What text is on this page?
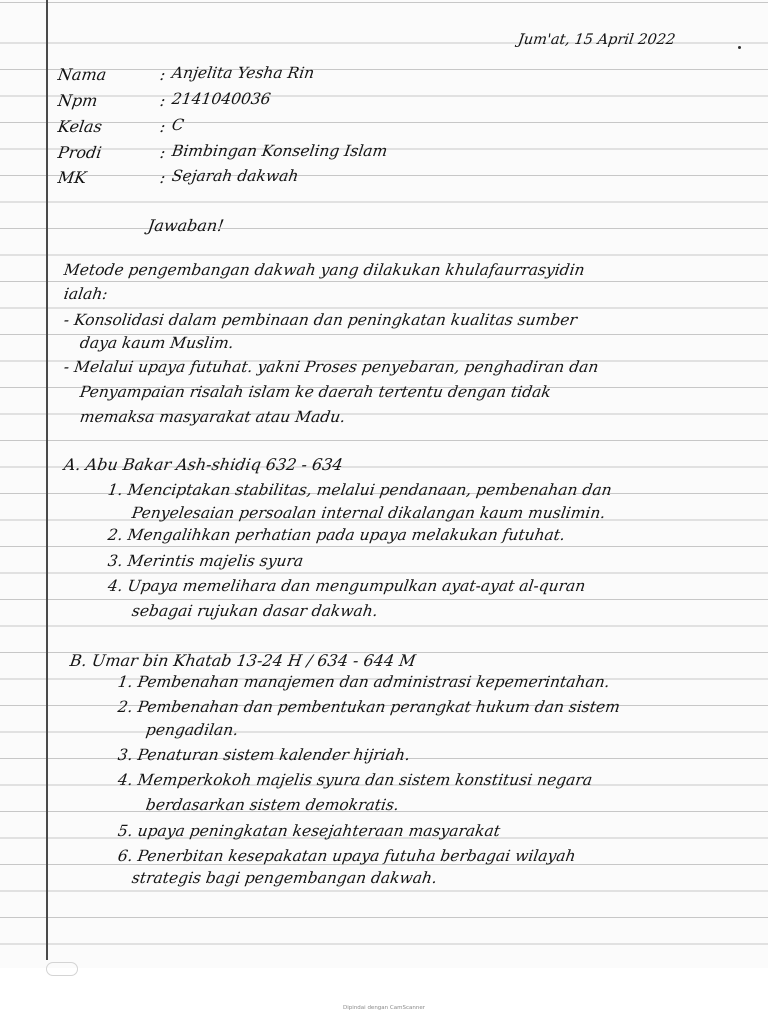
Jum'at, 15 April 2022
Nama	: Anjelita Yesha Rin
Npm	: 2141040036
Kelas	: C
Prodi	: Bimbingan Konseling Islam
MK	: Sejarah dakwah
Jawaban!
Metode pengembangan dakwah yang dilakukan khulafaurrasyidin
ialah:
- Konsolidasi dalam pembinaan dan peningkatan kualitas sumber
daya kaum Muslim.
- Melalui upaya futuhat. yakni Proses penyebaran, penghadiran dan
Penyampaian risalah islam ke daerah tertentu dengan tidak
memaksa masyarakat atau Madu.
A. Abu Bakar Ash-shidiq 632 - 634
1. Menciptakan stabilitas, melalui pendanaan, pembenahan dan
Penyelesaian persoalan internal dikalangan kaum muslimin.
2. Mengalihkan perhatian pada upaya melakukan futuhat.
3. Merintis majelis syura
4. Upaya memelihara dan mengumpulkan ayat-ayat al-quran
sebagai rujukan dasar dakwah.
B. Umar bin Khatab 13-24 H / 634 - 644 M
1. Pembenahan manajemen dan administrasi kepemerintahan.
2. Pembenahan dan pembentukan perangkat hukum dan sistem
pengadilan.
3. Penaturan sistem kalender hijriah.
4. Memperkokoh majelis syura dan sistem konstitusi negara
berdasarkan sistem demokratis.
5. upaya peningkatan kesejahteraan masyarakat
6. Penerbitan kesepakatan upaya futuha berbagai wilayah
strategis bagi pengembangan dakwah.
Dipindai dengan CamScanner
